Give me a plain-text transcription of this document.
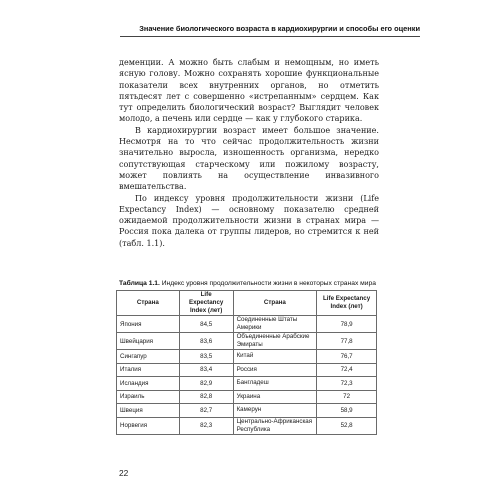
Значение биологического возраста в кардиохирургии и способы его оценки

деменции. А можно быть слабым и немощным, но иметь ясную голову. Можно сохранять хорошие функциональные показатели всех внутренних органов, но отметить пятьдесят лет с совершенно «истрепанным» сердцем. Как тут определить биологический возраст? Выглядит человек молодо, а печень или сердце — как у глубокого старика.

В кардиохирургии возраст имеет большое значение. Несмотря на то что сейчас продолжительность жизни значительно выросла, изношенность организма, нередко сопутствующая старческому или пожилому возрасту, может повлиять на осуществление инвазивного вмешательства.

По индексу уровня продолжительности жизни (Life Expectancy Index) — основному показателю средней ожидаемой продолжительности жизни в странах мира — Россия пока далека от группы лидеров, но стремится к ней (табл. 1.1).

Таблица 1.1. Индекс уровня продолжительности жизни в некоторых странах мира
Страна	Life Expectancy Index (лет)	Страна	Life Expectancy Index (лет)
Япония	84,5	Соединенные Штаты Америки	78,9
Швейцария	83,6	Объединенные Арабские Эмираты	77,8
Сингапур	83,5	Китай	76,7
Италия	83,4	Россия	72,4
Исландия	82,9	Бангладеш	72,3
Израиль	82,8	Украина	72
Швеция	82,7	Камерун	58,9
Норвегия	82,3	Центрально-Африканская Республика	52,8
22
